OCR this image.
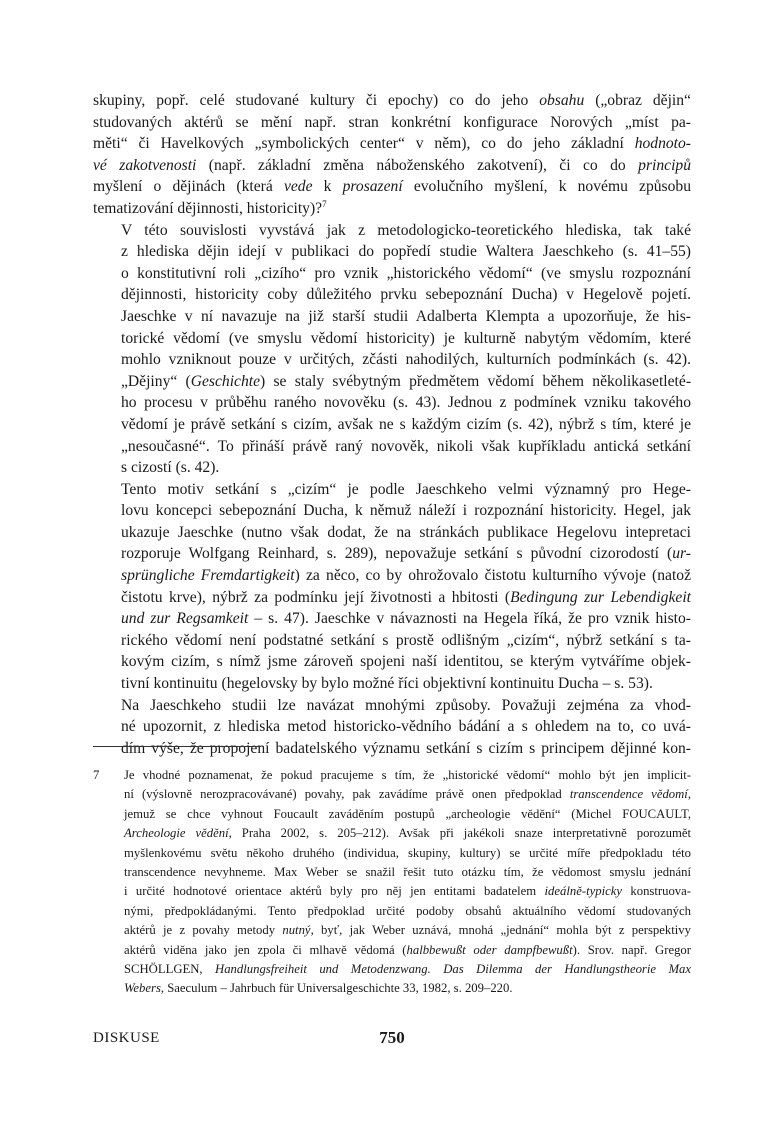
skupiny, popř. celé studované kultury či epochy) co do jeho obsahu („obraz dějin“
studovaných aktérů se mění např. stran konkrétní konfigurace Norových „míst pa-
měti“ či Havelkových „symbolických center“ v něm), co do jeho základní hodnoto-
vé zakotvenosti (např. základní změna náboženského zakotvení), či co do principů
myšlení o dějinách (která vede k prosazení evolučního myšlení, k novému způsobu
tematizování dějinnosti, historicity)?$^7$

V této souvislosti vyvstává jak z metodologicko-teoretického hlediska, tak také
z hlediska dějin idejí v publikaci do popředí studie Waltera Jaeschkeho (s. 41–55)
o konstitutivní roli „cizího“ pro vznik „historického vědomí“ (ve smyslu rozpoznání
dějinnosti, historicity coby důležitého prvku sebepoznání Ducha) v Hegelově pojetí.
Jaeschke v ní navazuje na již starší studii Adalberta Klempta a upozorňuje, že his-
torické vědomí (ve smyslu vědomí historicity) je kulturně nabytým vědomím, které
mohlo vzniknout pouze v určitých, zčásti nahodilých, kulturních podmínkách (s. 42).
„Dějiny“ (Geschichte) se staly svébytným předmětem vědomí během několikasetleté-
ho procesu v průběhu raného novověku (s. 43). Jednou z podmínek vzniku takového
vědomí je právě setkání s cizím, avšak ne s každým cizím (s. 42), nýbrž s tím, které je
„nesoučasné“. To přináší právě raný novověk, nikoli však kupříkladu antická setkání
s cizostí (s. 42).

Tento motiv setkání s „cizím“ je podle Jaeschkeho velmi významný pro Hege-
lovu koncepci sebepoznání Ducha, k němuž náleží i rozpoznání historicity. Hegel, jak
ukazuje Jaeschke (nutno však dodat, že na stránkách publikace Hegelovu intepretaci
rozporuje Wolfgang Reinhard, s. 289), nepovažuje setkání s původní cizorodostí (ur-
sprüngliche Fremdartigkeit) za něco, co by ohrožovalo čistotu kulturního vývoje (natož
čistotu krve), nýbrž za podmínku její životnosti a hbitosti (Bedingung zur Lebendigkeit
und zur Regsamkeit – s. 47). Jaeschke v návaznosti na Hegela říká, že pro vznik histo-
rického vědomí není podstatné setkání s prostě odlišným „cizím“, nýbrž setkání s ta-
kovým cizím, s nímž jsme zároveň spojeni naší identitou, se kterým vytváříme objek-
tivní kontinuitu (hegelovsky by bylo možné říci objektivní kontinuitu Ducha – s. 53).

Na Jaeschkeho studii lze navázat mnohými způsoby. Považuji zejména za vhod-
né upozornit, z hlediska metod historicko-vědního bádání a s ohledem na to, co uvá-
dím výše, že propojení badatelského významu setkání s cizím s principem dějinné kon-

7 Je vhodné poznamenat, že pokud pracujeme s tím, že „historické vědomí“ mohlo být jen implicit-
ní (výslovně nerozpracovávané) povahy, pak zavádíme právě onen předpoklad transcendence vědomí,
jemuž se chce vyhnout Foucault zaváděním postupů „archeologie vědění“ (Michel FOUCAULT,
Archeologie vědění, Praha 2002, s. 205–212). Avšak při jakékoli snaze interpretativně porozumět
myšlenkovému světu někoho druhého (individua, skupiny, kultury) se určité míře předpokladu této
transcendence nevyhneme. Max Weber se snažil řešit tuto otázku tím, že vědomost smyslu jednání
i určité hodnotové orientace aktérů byly pro něj jen entitami badatelem ideálně-typicky konstruova-
nými, předpokládanými. Tento předpoklad určité podoby obsahů aktuálního vědomí studovaných
aktérů je z povahy metody nutný, byť, jak Weber uznává, mnohá „jednání“ mohla být z perspektivy
aktérů viděna jako jen zpola či mlhavě vědomá (halbbewußt oder dampfbewußt). Srov. např. Gregor
SCHÖLLGEN, Handlungsfreiheit und Metodenzwang. Das Dilemma der Handlungstheorie Max
Webers, Saeculum – Jahrbuch für Universalgeschichte 33, 1982, s. 209–220.
DISKUSE	750
